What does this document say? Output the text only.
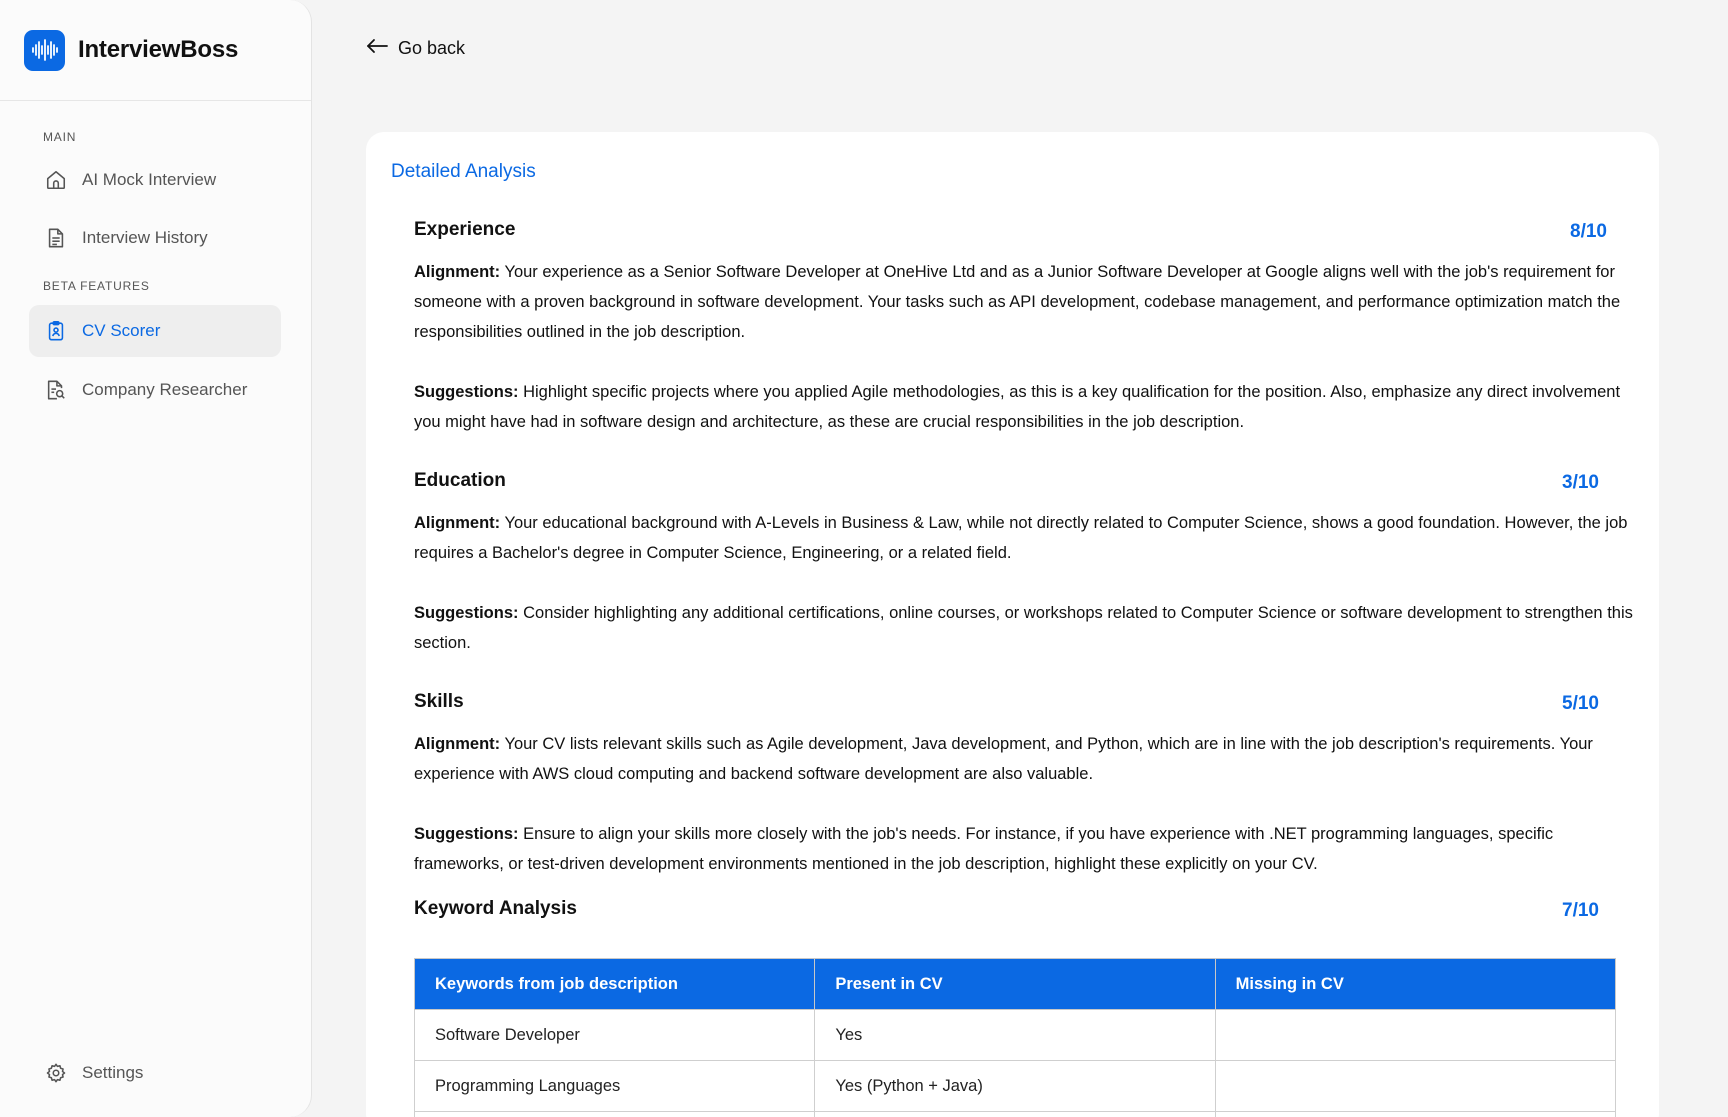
InterviewBoss
MAIN
AI Mock Interview
Interview History
BETA FEATURES
CV Scorer
Company Researcher
Settings
Go back
Detailed Analysis
Experience	8/10

Alignment: Your experience as a Senior Software Developer at OneHive Ltd and as a Junior Software Developer at Google aligns well with the job's requirement for someone with a proven background in software development. Your tasks such as API development, codebase management, and performance optimization match the responsibilities outlined in the job description.

Suggestions: Highlight specific projects where you applied Agile methodologies, as this is a key qualification for the position. Also, emphasize any direct involvement you might have had in software design and architecture, as these are crucial responsibilities in the job description.

Education	3/10

Alignment: Your educational background with A-Levels in Business & Law, while not directly related to Computer Science, shows a good foundation. However, the job requires a Bachelor's degree in Computer Science, Engineering, or a related field.

Suggestions: Consider highlighting any additional certifications, online courses, or workshops related to Computer Science or software development to strengthen this section.

Skills	5/10

Alignment: Your CV lists relevant skills such as Agile development, Java development, and Python, which are in line with the job description's requirements. Your experience with AWS cloud computing and backend software development are also valuable.

Suggestions: Ensure to align your skills more closely with the job's needs. For instance, if you have experience with .NET programming languages, specific frameworks, or test-driven development environments mentioned in the job description, highlight these explicitly on your CV.

Keyword Analysis	7/10
Keywords from job description	Present in CV	Missing in CV
Software Developer	Yes	
Programming Languages	Yes (Python + Java)	
